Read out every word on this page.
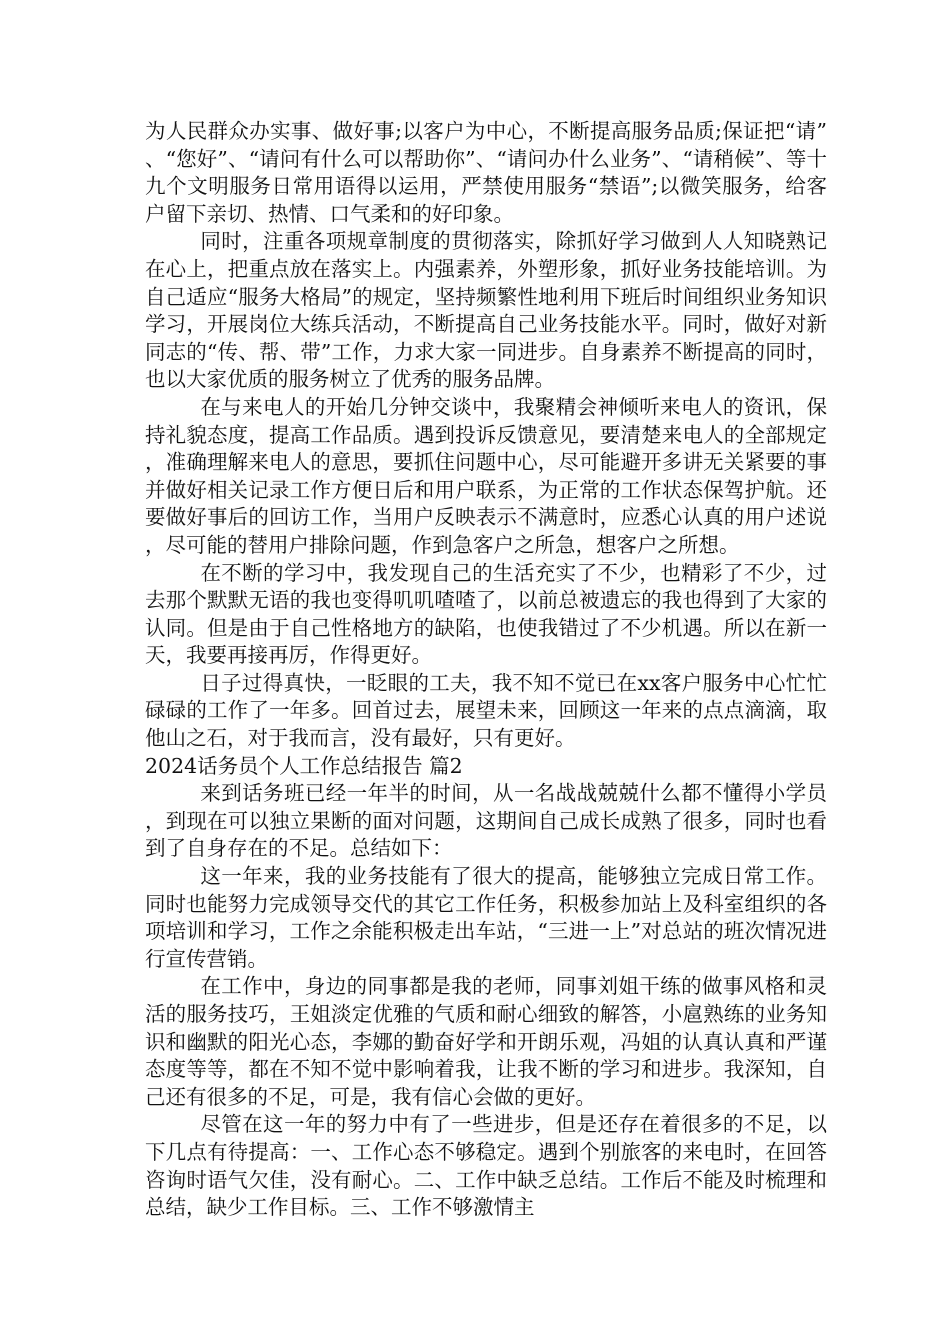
为人民群众办实事、做好事;以客户为中心，不断提高服务品质;保证把“请”、“您好”、“请问有什么可以帮助你”、“请问办什么业务”、“请稍候”、等十九个文明服务日常用语得以运用，严禁使用服务“禁语”;以微笑服务，给客户留下亲切、热情、口气柔和的好印象。

同时，注重各项规章制度的贯彻落实，除抓好学习做到人人知晓熟记在心上，把重点放在落实上。内强素养，外塑形象，抓好业务技能培训。为自己适应“服务大格局”的规定，坚持频繁性地利用下班后时间组织业务知识学习，开展岗位大练兵活动，不断提高自己业务技能水平。同时，做好对新同志的“传、帮、带”工作，力求大家一同进步。自身素养不断提高的同时，也以大家优质的服务树立了优秀的服务品牌。

在与来电人的开始几分钟交谈中，我聚精会神倾听来电人的资讯，保持礼貌态度，提高工作品质。遇到投诉反馈意见，要清楚来电人的全部规定，准确理解来电人的意思，要抓住问题中心，尽可能避开多讲无关紧要的事并做好相关记录工作方便日后和用户联系，为正常的工作状态保驾护航。还要做好事后的回访工作，当用户反映表示不满意时，应悉心认真的用户述说，尽可能的替用户排除问题，作到急客户之所急，想客户之所想。

在不断的学习中，我发现自己的生活充实了不少，也精彩了不少，过去那个默默无语的我也变得叽叽喳喳了，以前总被遗忘的我也得到了大家的认同。但是由于自己性格地方的缺陷，也使我错过了不少机遇。所以在新一天，我要再接再厉，作得更好。

日子过得真快，一眨眼的工夫，我不知不觉已在xx客户服务中心忙忙碌碌的工作了一年多。回首过去，展望未来，回顾这一年来的点点滴滴，取他山之石，对于我而言，没有最好，只有更好。

2024话务员个人工作总结报告 篇2

来到话务班已经一年半的时间，从一名战战兢兢什么都不懂得小学员，到现在可以独立果断的面对问题，这期间自己成长成熟了很多，同时也看到了自身存在的不足。总结如下：

这一年来，我的业务技能有了很大的提高，能够独立完成日常工作。同时也能努力完成领导交代的其它工作任务，积极参加站上及科室组织的各项培训和学习，工作之余能积极走出车站，“三进一上”对总站的班次情况进行宣传营销。

在工作中，身边的同事都是我的老师，同事刘姐干练的做事风格和灵活的服务技巧，王姐淡定优雅的气质和耐心细致的解答，小扈熟练的业务知识和幽默的阳光心态，李娜的勤奋好学和开朗乐观，冯姐的认真认真和严谨态度等等，都在不知不觉中影响着我，让我不断的学习和进步。我深知，自己还有很多的不足，可是，我有信心会做的更好。

尽管在这一年的努力中有了一些进步，但是还存在着很多的不足，以下几点有待提高：一、工作心态不够稳定。遇到个别旅客的来电时，在回答咨询时语气欠佳，没有耐心。二、工作中缺乏总结。工作后不能及时梳理和总结，缺少工作目标。三、工作不够激情主
